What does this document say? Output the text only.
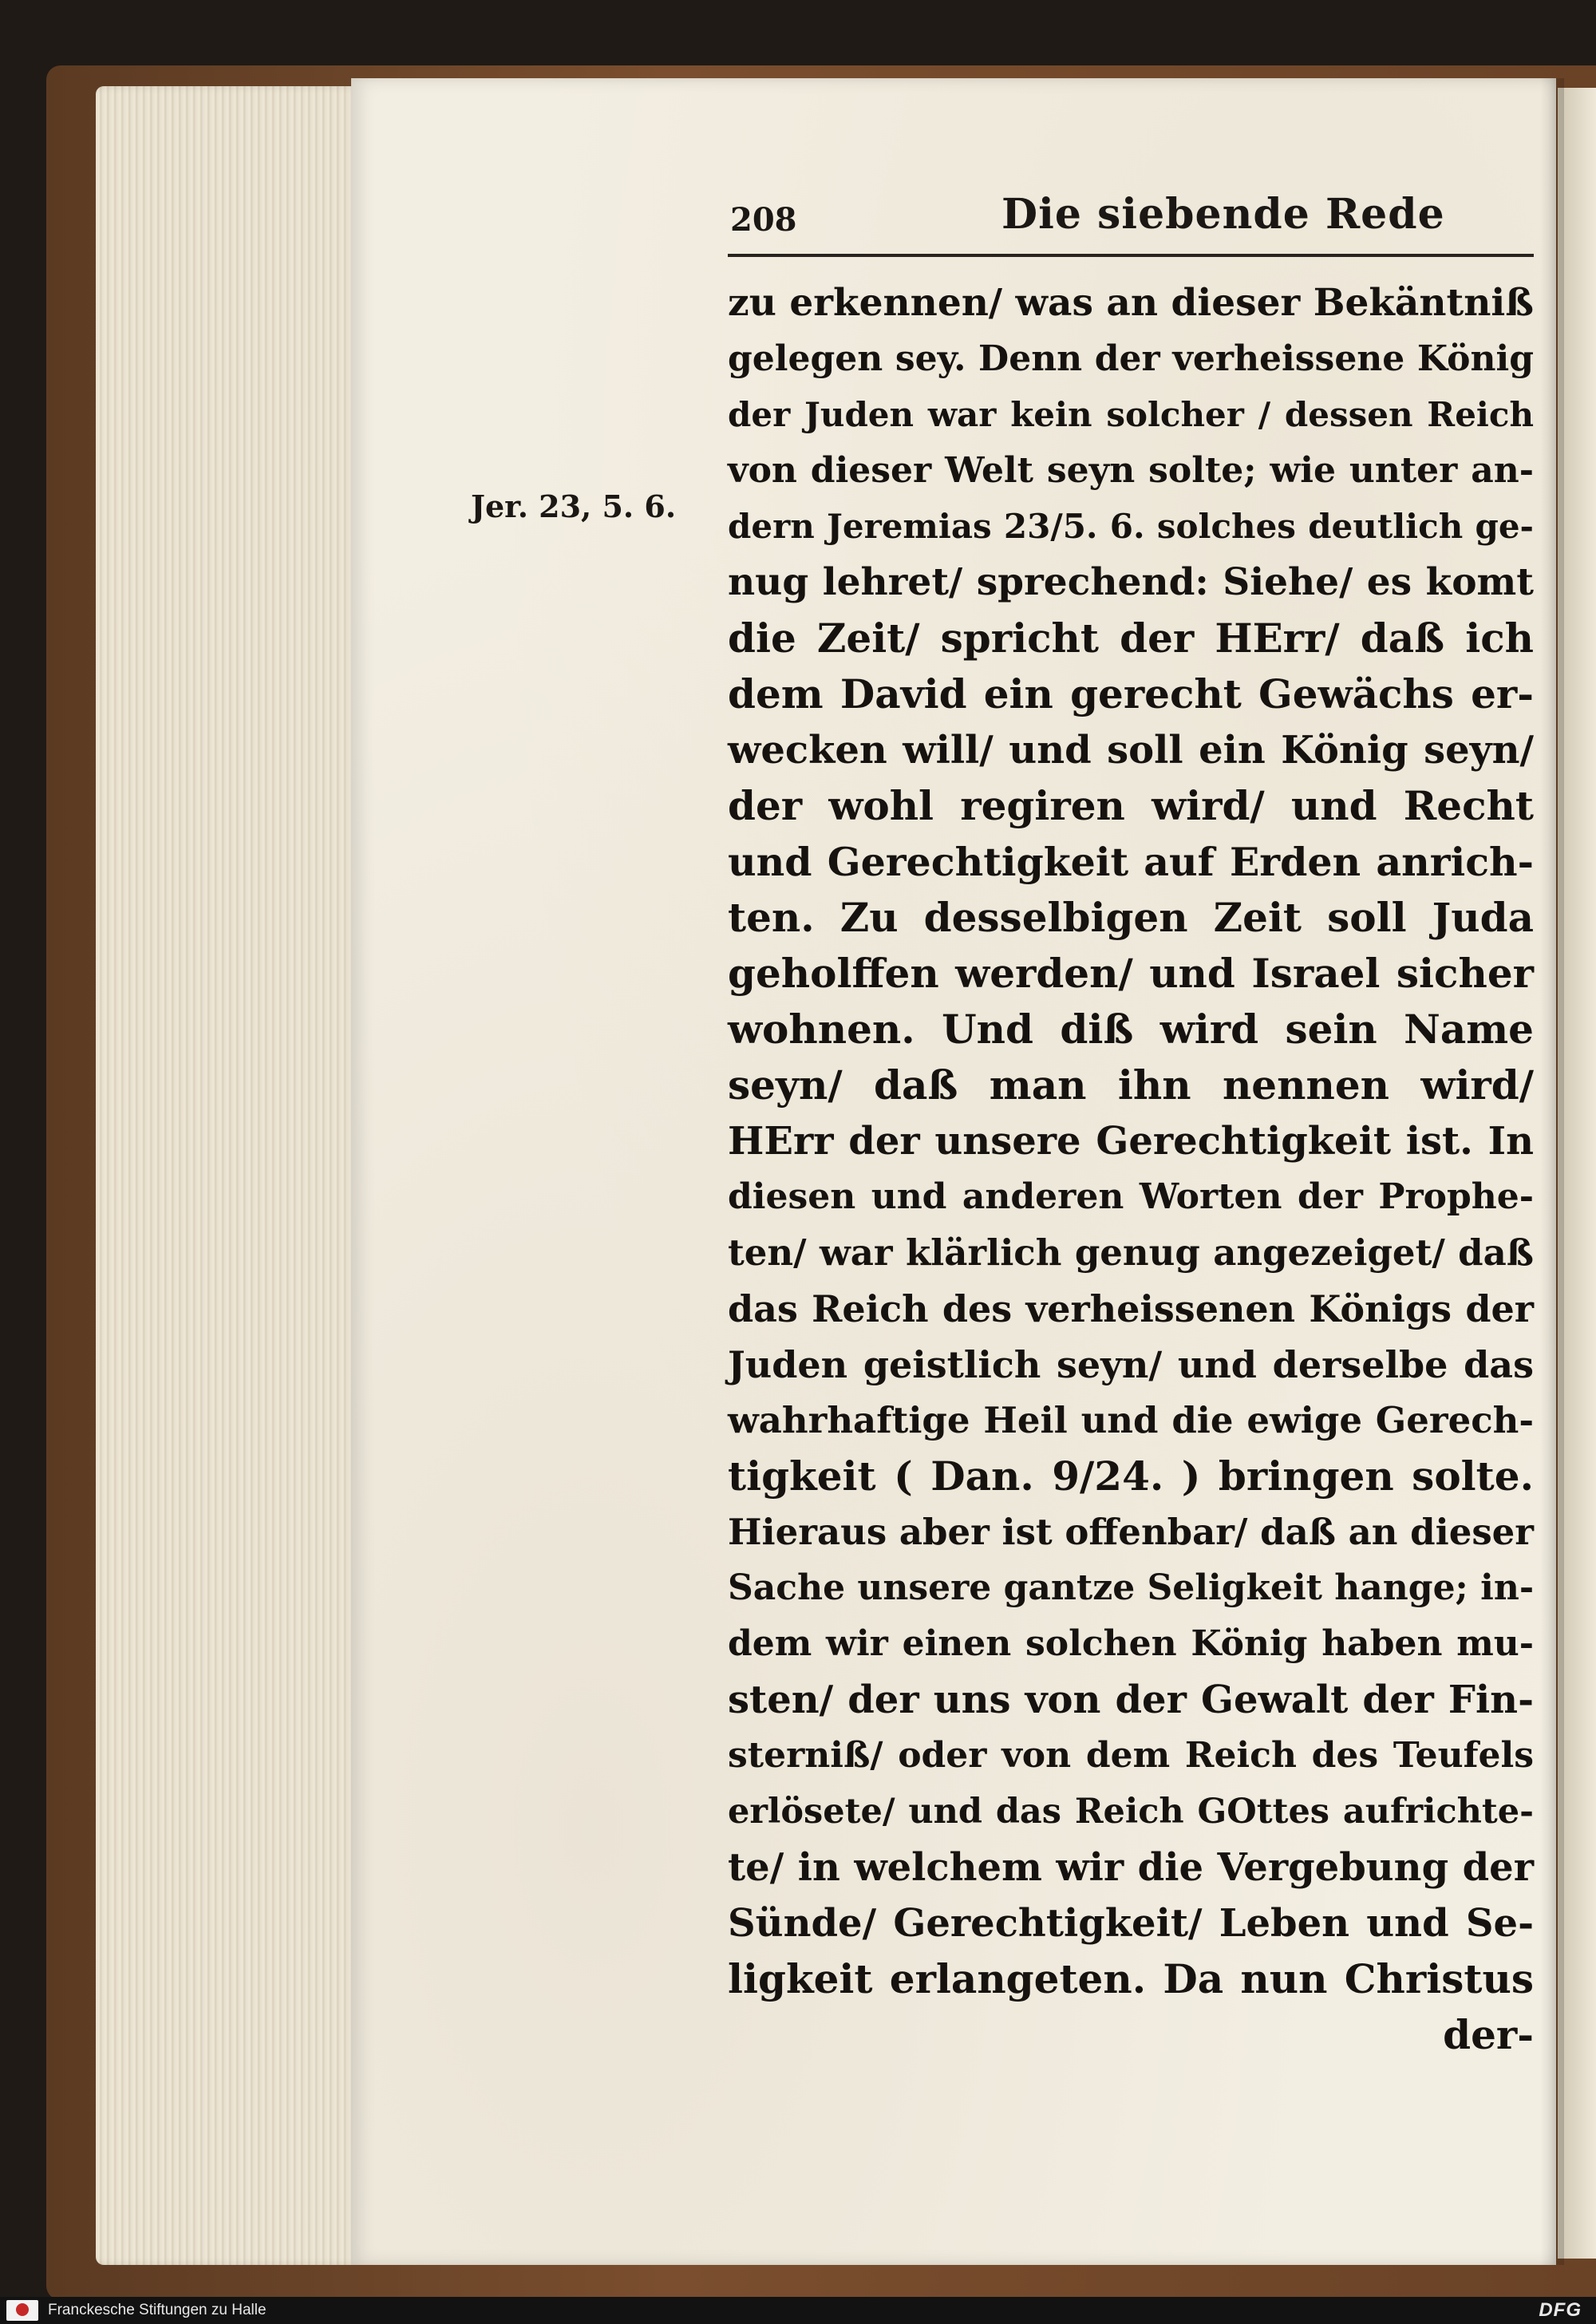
208	Die siebende Rede
Jer. 23, 5. 6.
zu erkennen/ was an dieser Bekäntniß
gelegen sey. Denn der verheissene König
der Juden war kein solcher / dessen Reich
von dieser Welt seyn solte; wie unter an-
dern Jeremias 23/5. 6. solches deutlich ge-
nug lehret/ sprechend: Siehe/ es komt
die Zeit/ spricht der HErr/ daß ich
dem David ein gerecht Gewächs er-
wecken will/ und soll ein König seyn/
der wohl regiren wird/ und Recht
und Gerechtigkeit auf Erden anrich-
ten. Zu desselbigen Zeit soll Juda
geholffen werden/ und Israel sicher
wohnen. Und diß wird sein Name
seyn/ daß man ihn nennen wird/
HErr der unsere Gerechtigkeit ist. In
diesen und anderen Worten der Prophe-
ten/ war klärlich genug angezeiget/ daß
das Reich des verheissenen Königs der
Juden geistlich seyn/ und derselbe das
wahrhaftige Heil und die ewige Gerech-
tigkeit ( Dan. 9/24. ) bringen solte.
Hieraus aber ist offenbar/ daß an dieser
Sache unsere gantze Seligkeit hange; in-
dem wir einen solchen König haben mu-
sten/ der uns von der Gewalt der Fin-
sterniß/ oder von dem Reich des Teufels
erlösete/ und das Reich GOttes aufrichte-
te/ in welchem wir die Vergebung der
Sünde/ Gerechtigkeit/ Leben und Se-
ligkeit erlangeten. Da nun Christus
der-
Franckesche Stiftungen zu Halle	DFG
